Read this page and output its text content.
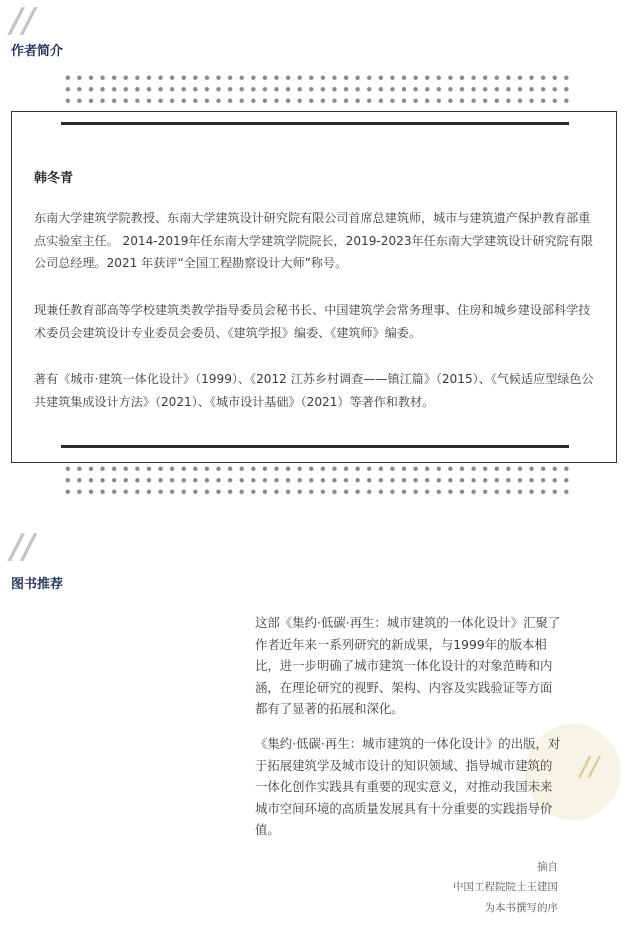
//
作者简介
韩冬青

东南大学建筑学院教授、东南大学建筑设计研究院有限公司首席总建筑师，城市与建筑遗产保护教育部重点实验室主任。 2014-2019年任东南大学建筑学院院长，2019-2023年任东南大学建筑设计研究院有限公司总经理。2021 年获评“全国工程勘察设计大师”称号。

现兼任教育部高等学校建筑类教学指导委员会秘书长、中国建筑学会常务理事、住房和城乡建设部科学技术委员会建筑设计专业委员会委员、《建筑学报》编委、《建筑师》编委。

著有《城市·建筑一体化设计》（1999）、《2012 江苏乡村调查——镇江篇》（2015）、《气候适应型绿色公共建筑集成设计方法》（2021）、《城市设计基础》（2021）等著作和教材。

//
图书推荐
//

这部《集约·低碳·再生：城市建筑的一体化设计》汇聚了作者近年来一系列研究的新成果，与1999年的版本相比，进一步明确了城市建筑一体化设计的对象范畴和内涵，在理论研究的视野、架构、内容及实践验证等方面都有了显著的拓展和深化。

《集约·低碳·再生：城市建筑的一体化设计》的出版，对于拓展建筑学及城市设计的知识领域、指导城市建筑的一体化创作实践具有重要的现实意义，对推动我国未来城市空间环境的高质量发展具有十分重要的实践指导价值。

摘自
中国工程院院士王建国
为本书撰写的序
